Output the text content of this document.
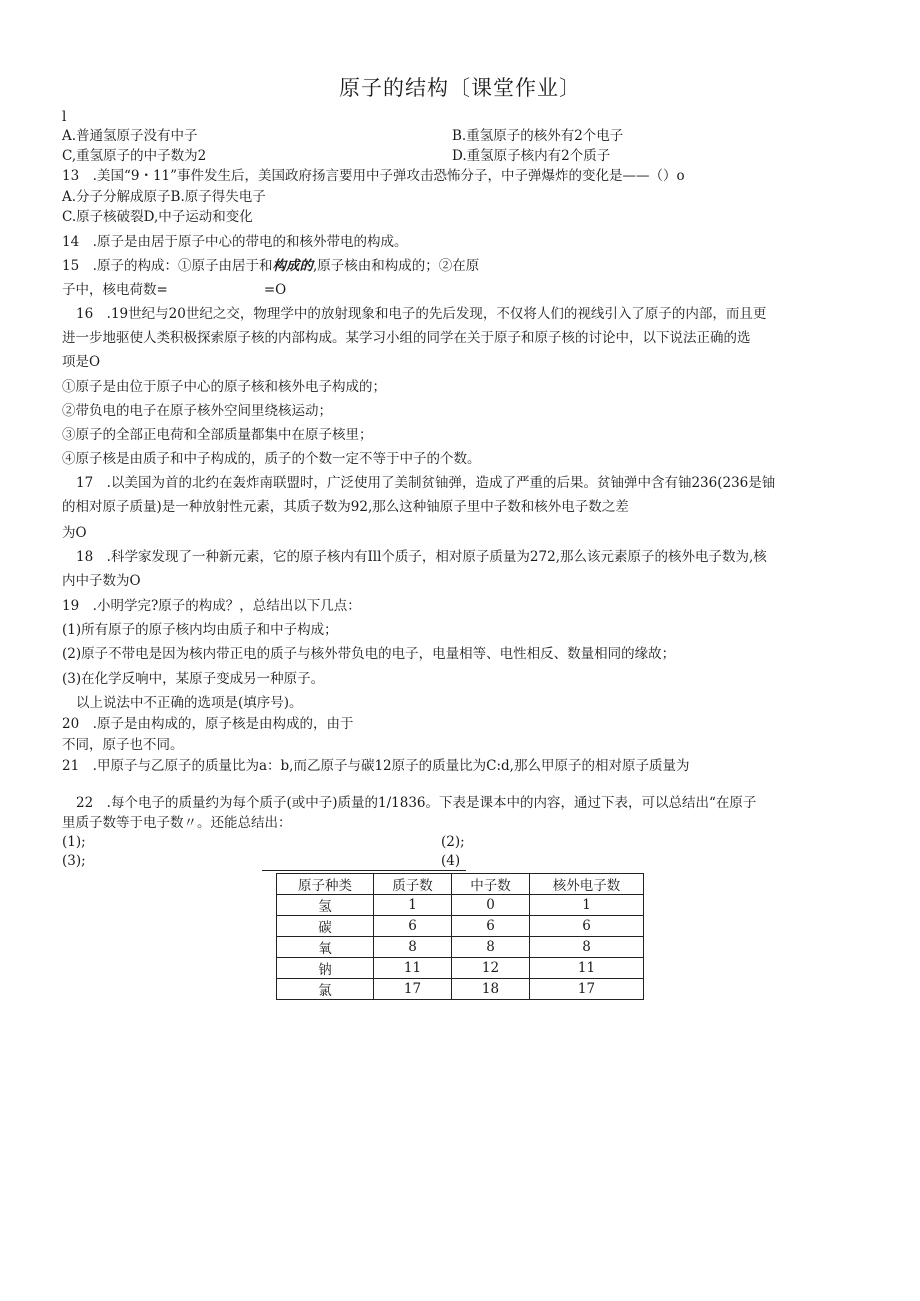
原子的结构〔课堂作业〕
l
A.普通氢原子没有中子	B.重氢原子的核外有2个电子
C,重氢原子的中子数为2	D.重氢原子核内有2个质子
13　.美国“9・11”事件发生后，美国政府扬言要用中子弹攻击恐怖分子，中子弹爆炸的变化是——（）o
A.分子分解成原子B.原子得失电子
C.原子核破裂D,中子运动和变化
14　.原子是由居于原子中心的带电的和核外带电的构成。
15　.原子的构成：①原子由居于和构成的,原子核由和构成的；②在原
子中，核电荷数=	=O
16　.19世纪与20世纪之交，物理学中的放射现象和电子的先后发现，不仅将人们的视线引入了原子的内部，而且更
进一步地驱使人类积极探索原子核的内部构成。某学习小组的同学在关于原子和原子核的讨论中，以下说法正确的选
项是O
①原子是由位于原子中心的原子核和核外电子构成的；
②带负电的电子在原子核外空间里绕核运动；
③原子的全部正电荷和全部质量都集中在原子核里；
④原子核是由质子和中子构成的，质子的个数一定不等于中子的个数。
17　.以美国为首的北约在轰炸南联盟时，广泛使用了美制贫铀弹，造成了严重的后果。贫铀弹中含有铀236(236是铀
的相对原子质量)是一种放射性元素，其质子数为92,那么这种铀原子里中子数和核外电子数之差
为O
18　.科学家发现了一种新元素，它的原子核内有Ill个质子，相对原子质量为272,那么该元素原子的核外电子数为,核
内中子数为O
19　.小明学完?原子的构成？，总结出以下几点：
(1)所有原子的原子核内均由质子和中子构成；
(2)原子不带电是因为核内带正电的质子与核外带负电的电子，电量相等、电性相反、数量相同的缘故；
(3)在化学反响中，某原子变成另一种原子。
以上说法中不正确的选项是(填序号)。
20　.原子是由构成的，原子核是由构成的，由于
不同，原子也不同。
21　.甲原子与乙原子的质量比为a：b,而乙原子与碳12原子的质量比为C:d,那么甲原子的相对原子质量为
22　.每个电子的质量约为每个质子(或中子)质量的1/1836。下表是课本中的内容，通过下表，可以总结出“在原子
里质子数等于电子数〃。还能总结出：
(1);	(2);
(3);	(4)
原子种类	质子数	中子数	核外电子数
氢	1	0	1
碳	6	6	6
氧	8	8	8
钠	11	12	11
氯	17	18	17
